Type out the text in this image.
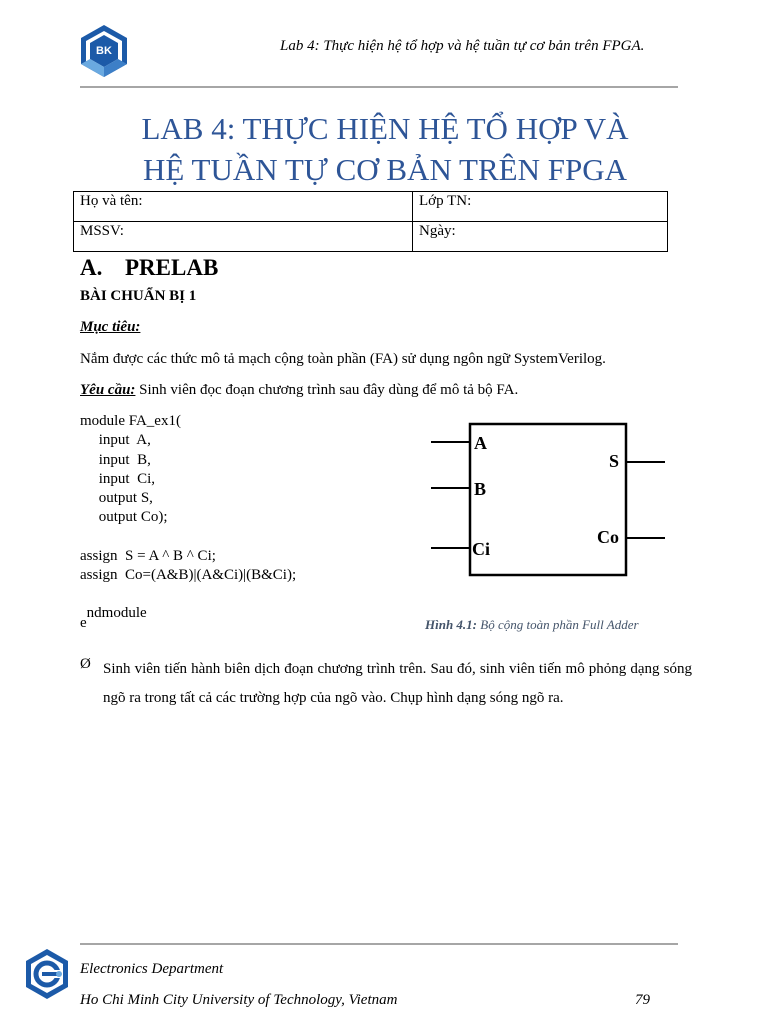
BK	Lab 4: Thực hiện hệ tổ hợp và hệ tuần tự cơ bản trên FPGA.
LAB 4: THỰC HIỆN HỆ TỔ HỢP VÀ
HỆ TUẦN TỰ CƠ BẢN TRÊN FPGA
Họ và tên:	Lớp TN:
MSSV:	Ngày:
A. PRELAB
BÀI CHUẨN BỊ 1
Mục tiêu:
Nắm được các thức mô tả mạch cộng toàn phần (FA) sử dụng ngôn ngữ SystemVerilog.
Yêu cầu: Sinh viên đọc đoạn chương trình sau đây dùng để mô tả bộ FA.
module FA_ex1(
input  A,
input  B,
input  Ci,
output S,
output Co);
assign  S = A ^ B ^ Ci;
assign  Co=(A&B)|(A&Ci)|(B&Ci);
endmodule
A
B
Ci
S
Co
Hình 4.1: Bộ cộng toàn phần Full Adder
Ø Sinh viên tiến hành biên dịch đoạn chương trình trên. Sau đó, sinh viên tiến mô phỏng dạng sóng ngõ ra trong tất cả các trường hợp của ngõ vào. Chụp hình dạng sóng ngõ ra.
Electronics Department
Ho Chi Minh City University of Technology, Vietnam	79
